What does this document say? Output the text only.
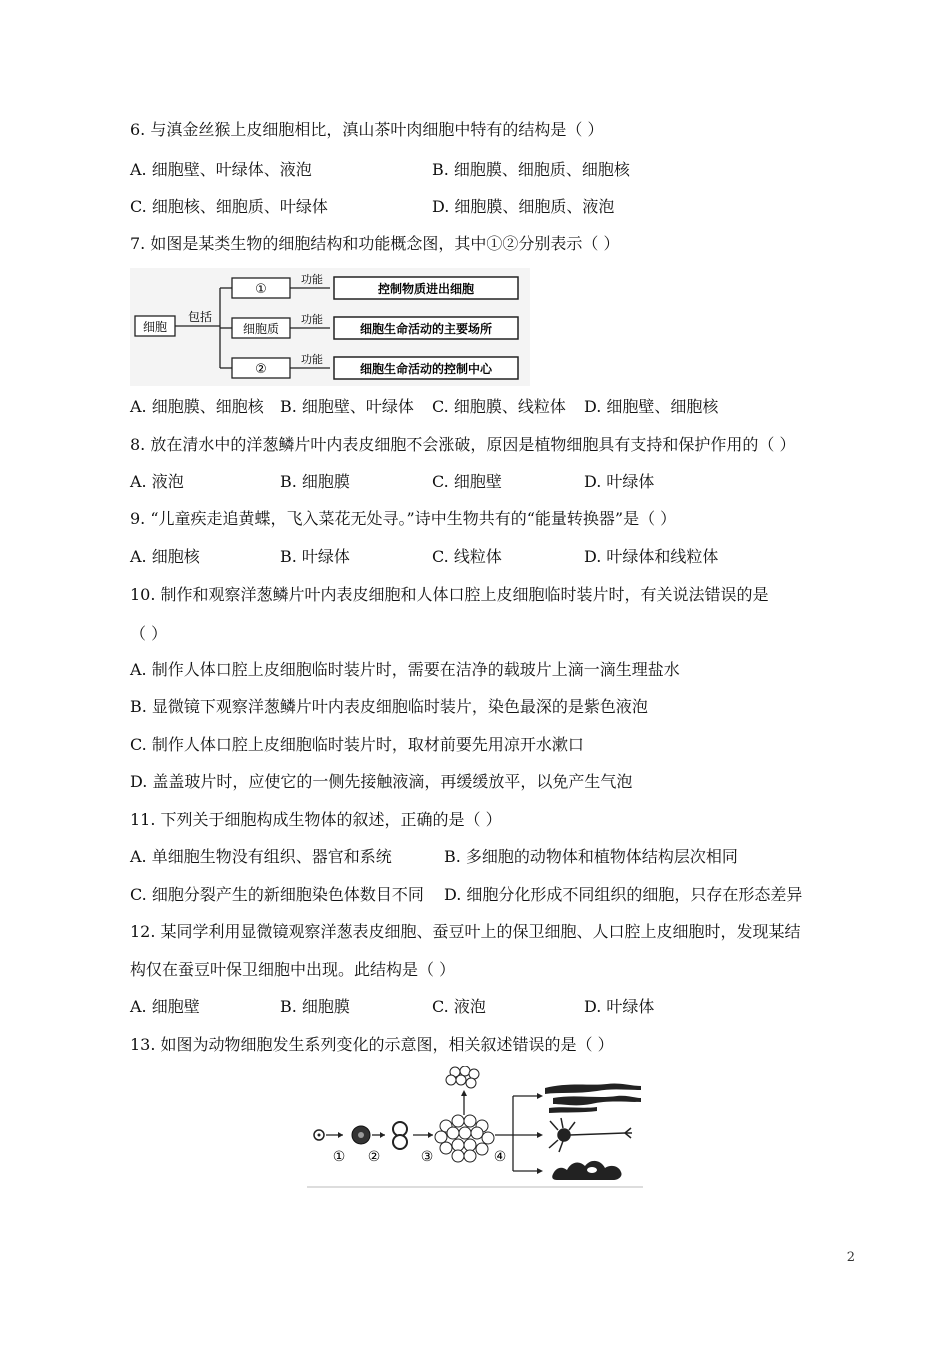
6. 与滇金丝猴上皮细胞相比，滇山茶叶肉细胞中特有的结构是（ ）
A. 细胞壁、叶绿体、液泡	B. 细胞膜、细胞质、细胞核
C. 细胞核、细胞质、叶绿体	D. 细胞膜、细胞质、液泡
7. 如图是某类生物的细胞结构和功能概念图，其中①②分别表示（ ）
细胞
包括
①
细胞质
②
功能
功能
功能
控制物质进出细胞
细胞生命活动的主要场所
细胞生命活动的控制中心
A. 细胞膜、细胞核 B. 细胞壁、叶绿体 C. 细胞膜、线粒体 D. 细胞壁、细胞核
8. 放在清水中的洋葱鳞片叶内表皮细胞不会涨破，原因是植物细胞具有支持和保护作用的（ ）
A. 液泡	B. 细胞膜	C. 细胞壁	D. 叶绿体
9. “儿童疾走追黄蝶，飞入菜花无处寻。”诗中生物共有的“能量转换器”是（ ）
A. 细胞核	B. 叶绿体	C. 线粒体	D. 叶绿体和线粒体
10. 制作和观察洋葱鳞片叶内表皮细胞和人体口腔上皮细胞临时装片时，有关说法错误的是
（ ）
A. 制作人体口腔上皮细胞临时装片时，需要在洁净的载玻片上滴一滴生理盐水
B. 显微镜下观察洋葱鳞片叶内表皮细胞临时装片，染色最深的是紫色液泡
C. 制作人体口腔上皮细胞临时装片时，取材前要先用凉开水漱口
D. 盖盖玻片时，应使它的一侧先接触液滴，再缓缓放平，以免产生气泡
11. 下列关于细胞构成生物体的叙述，正确的是（ ）
A. 单细胞生物没有组织、器官和系统	B. 多细胞的动物体和植物体结构层次相同
C. 细胞分裂产生的新细胞染色体数目不同 D. 细胞分化形成不同组织的细胞，只存在形态差异
12. 某同学利用显微镜观察洋葱表皮细胞、蚕豆叶上的保卫细胞、人口腔上皮细胞时，发现某结
构仅在蚕豆叶保卫细胞中出现。此结构是（ ）
A. 细胞壁	B. 细胞膜	C. 液泡	D. 叶绿体
13. 如图为动物细胞发生系列变化的示意图，相关叙述错误的是（ ）
① ②	③	④
2
